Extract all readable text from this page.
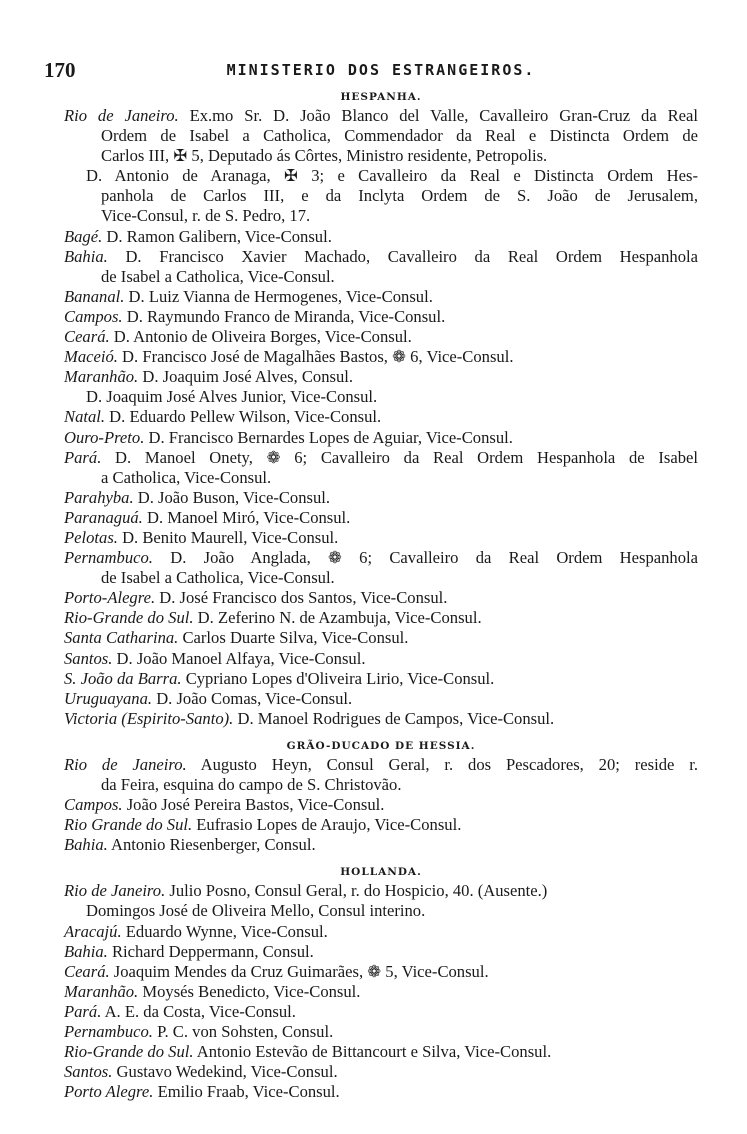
170	MINISTERIO DOS ESTRANGEIROS.
HESPANHA.
Rio de Janeiro. Ex.mo Sr. D. João Blanco del Valle, Cavalleiro Gran-Cruz da Real
Ordem de Isabel a Catholica, Commendador da Real e Distincta Ordem de
Carlos III, ✠ 5, Deputado ás Côrtes, Ministro residente, Petropolis.
D. Antonio de Aranaga, ✠ 3; e Cavalleiro da Real e Distincta Ordem Hes-
panhola de Carlos III, e da Inclyta Ordem de S. João de Jerusalem,
Vice-Consul, r. de S. Pedro, 17.
Bagé. D. Ramon Galibern, Vice-Consul.
Bahia. D. Francisco Xavier Machado, Cavalleiro da Real Ordem Hespanhola
de Isabel a Catholica, Vice-Consul.
Bananal. D. Luiz Vianna de Hermogenes, Vice-Consul.
Campos. D. Raymundo Franco de Miranda, Vice-Consul.
Ceará. D. Antonio de Oliveira Borges, Vice-Consul.
Maceió. D. Francisco José de Magalhães Bastos, ❁ 6, Vice-Consul.
Maranhão. D. Joaquim José Alves, Consul.
D. Joaquim José Alves Junior, Vice-Consul.
Natal. D. Eduardo Pellew Wilson, Vice-Consul.
Ouro-Preto. D. Francisco Bernardes Lopes de Aguiar, Vice-Consul.
Pará. D. Manoel Onety, ❁ 6; Cavalleiro da Real Ordem Hespanhola de Isabel
a Catholica, Vice-Consul.
Parahyba. D. João Buson, Vice-Consul.
Paranaguá. D. Manoel Miró, Vice-Consul.
Pelotas. D. Benito Maurell, Vice-Consul.
Pernambuco. D. João Anglada, ❁ 6; Cavalleiro da Real Ordem Hespanhola
de Isabel a Catholica, Vice-Consul.
Porto-Alegre. D. José Francisco dos Santos, Vice-Consul.
Rio-Grande do Sul. D. Zeferino N. de Azambuja, Vice-Consul.
Santa Catharina. Carlos Duarte Silva, Vice-Consul.
Santos. D. João Manoel Alfaya, Vice-Consul.
S. João da Barra. Cypriano Lopes d'Oliveira Lirio, Vice-Consul.
Uruguayana. D. João Comas, Vice-Consul.
Victoria (Espirito-Santo). D. Manoel Rodrigues de Campos, Vice-Consul.
GRÃO-DUCADO DE HESSIA.
Rio de Janeiro. Augusto Heyn, Consul Geral, r. dos Pescadores, 20; reside r.
da Feira, esquina do campo de S. Christovão.
Campos. João José Pereira Bastos, Vice-Consul.
Rio Grande do Sul. Eufrasio Lopes de Araujo, Vice-Consul.
Bahia. Antonio Riesenberger, Consul.
HOLLANDA.
Rio de Janeiro. Julio Posno, Consul Geral, r. do Hospicio, 40. (Ausente.)
Domingos José de Oliveira Mello, Consul interino.
Aracajú. Eduardo Wynne, Vice-Consul.
Bahia. Richard Deppermann, Consul.
Ceará. Joaquim Mendes da Cruz Guimarães, ❁ 5, Vice-Consul.
Maranhão. Moysés Benedicto, Vice-Consul.
Pará. A. E. da Costa, Vice-Consul.
Pernambuco. P. C. von Sohsten, Consul.
Rio-Grande do Sul. Antonio Estevão de Bittancourt e Silva, Vice-Consul.
Santos. Gustavo Wedekind, Vice-Consul.
Porto Alegre. Emilio Fraab, Vice-Consul.
